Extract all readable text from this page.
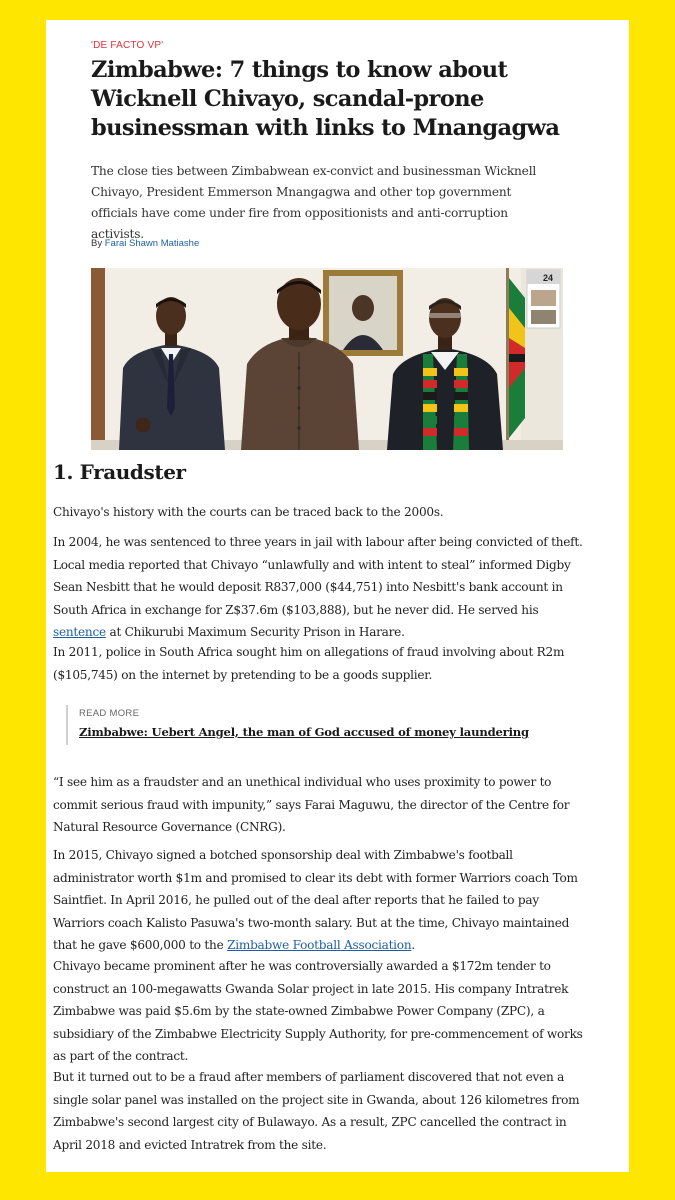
'DE FACTO VP'
Zimbabwe: 7 things to know about Wicknell Chivayo, scandal-prone businessman with links to Mnangagwa

The close ties between Zimbabwean ex-convict and businessman Wicknell Chivayo, President Emmerson Mnangagwa and other top government officials have come under fire from oppositionists and anti-corruption activists.

By Farai Shawn Matiashe
24
1. Fraudster

Chivayo's history with the courts can be traced back to the 2000s.

In 2004, he was sentenced to three years in jail with labour after being convicted of theft. Local media reported that Chivayo “unlawfully and with intent to steal” informed Digby Sean Nesbitt that he would deposit R837,000 ($44,751) into Nesbitt's bank account in South Africa in exchange for Z$37.6m ($103,888), but he never did. He served his sentence at Chikurubi Maximum Security Prison in Harare.

In 2011, police in South Africa sought him on allegations of fraud involving about R2m ($105,745) on the internet by pretending to be a goods supplier.

READ MORE
Zimbabwe: Uebert Angel, the man of God accused of money laundering

“I see him as a fraudster and an unethical individual who uses proximity to power to commit serious fraud with impunity,” says Farai Maguwu, the director of the Centre for Natural Resource Governance (CNRG).

In 2015, Chivayo signed a botched sponsorship deal with Zimbabwe's football administrator worth $1m and promised to clear its debt with former Warriors coach Tom Saintfiet. In April 2016, he pulled out of the deal after reports that he failed to pay Warriors coach Kalisto Pasuwa's two-month salary. But at the time, Chivayo maintained that he gave $600,000 to the Zimbabwe Football Association.

Chivayo became prominent after he was controversially awarded a $172m tender to construct an 100-megawatts Gwanda Solar project in late 2015. His company Intratrek Zimbabwe was paid $5.6m by the state-owned Zimbabwe Power Company (ZPC), a subsidiary of the Zimbabwe Electricity Supply Authority, for pre-commencement of works as part of the contract.

But it turned out to be a fraud after members of parliament discovered that not even a single solar panel was installed on the project site in Gwanda, about 126 kilometres from Zimbabwe's second largest city of Bulawayo. As a result, ZPC cancelled the contract in April 2018 and evicted Intratrek from the site.
